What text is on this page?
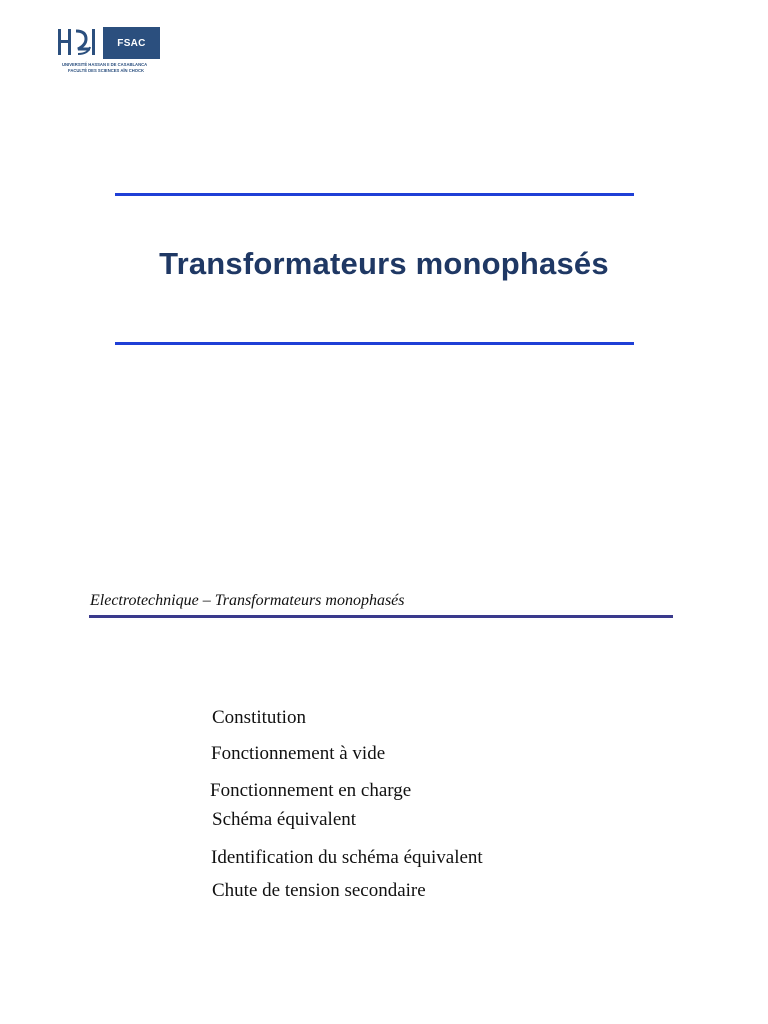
FSAC
UNIVERSITÉ HASSAN II DE CASABLANCA
FACULTÉ DES SCIENCES AÏN CHOCK
Transformateurs monophasés
Electrotechnique – Transformateurs monophasés
Constitution
Fonctionnement à vide
Fonctionnement en charge
Schéma équivalent
Identification du schéma équivalent
Chute de tension secondaire
